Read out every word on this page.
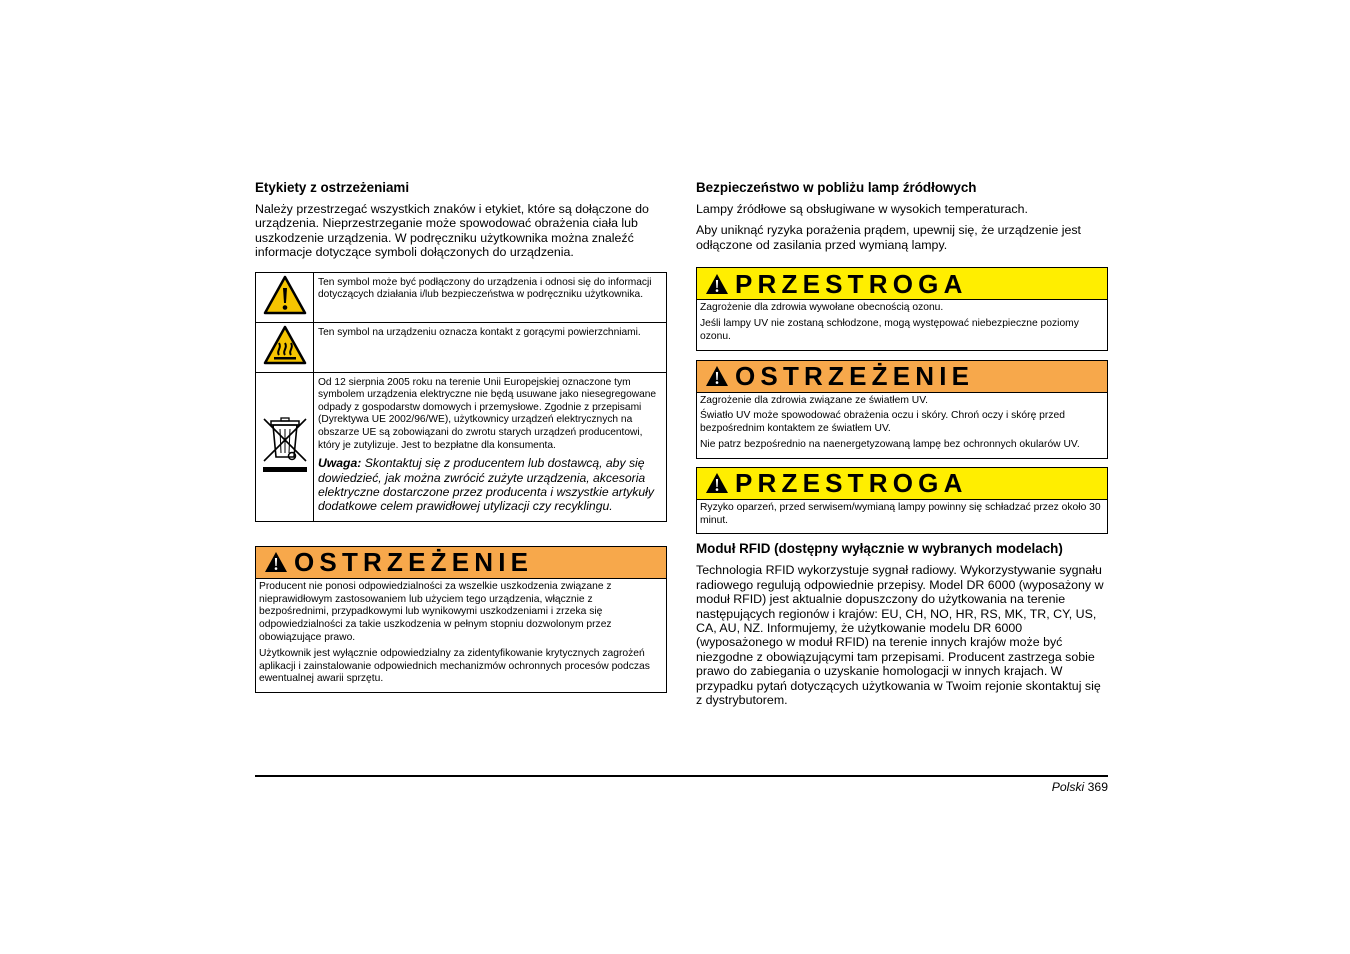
Etykiety z ostrzeżeniami

Należy przestrzegać wszystkich znaków i etykiet, które są dołączone do urządzenia. Nieprzestrzeganie może spowodować obrażenia ciała lub uszkodzenie urządzenia. W podręczniku użytkownika można znaleźć informacje dotyczące symboli dołączonych do urządzenia.

	Ten symbol może być podłączony do urządzenia i odnosi się do informacji dotyczących działania i/lub bezpieczeństwa w podręczniku użytkownika.
	Ten symbol na urządzeniu oznacza kontakt z gorącymi powierzchniami.

Od 12 sierpnia 2005 roku na terenie Unii Europejskiej oznaczone tym symbolem urządzenia elektryczne nie będą usuwane jako niesegregowane odpady z gospodarstw domowych i przemysłowe. Zgodnie z przepisami (Dyrektywa UE 2002/96/WE), użytkownicy urządzeń elektrycznych na obszarze UE są zobowiązani do zwrotu starych urządzeń producentowi, który je zutylizuje. Jest to bezpłatne dla konsumenta.

Uwaga: Skontaktuj się z producentem lub dostawcą, aby się dowiedzieć, jak można zwrócić zużyte urządzenia, akcesoria elektryczne dostarczone przez producenta i wszystkie artykuły dodatkowe celem prawidłowej utylizacji czy recyklingu.

OSTRZEŻENIE

Producent nie ponosi odpowiedzialności za wszelkie uszkodzenia związane z nieprawidłowym zastosowaniem lub użyciem tego urządzenia, włącznie z bezpośrednimi, przypadkowymi lub wynikowymi uszkodzeniami i zrzeka się odpowiedzialności za takie uszkodzenia w pełnym stopniu dozwolonym przez obowiązujące prawo.

Użytkownik jest wyłącznie odpowiedzialny za zidentyfikowanie krytycznych zagrożeń aplikacji i zainstalowanie odpowiednich mechanizmów ochronnych procesów podczas ewentualnej awarii sprzętu.

Bezpieczeństwo w pobliżu lamp źródłowych

Lampy źródłowe są obsługiwane w wysokich temperaturach.

Aby uniknąć ryzyka porażenia prądem, upewnij się, że urządzenie jest odłączone od zasilania przed wymianą lampy.

PRZESTROGA

Zagrożenie dla zdrowia wywołane obecnością ozonu.

Jeśli lampy UV nie zostaną schłodzone, mogą występować niebezpieczne poziomy ozonu.

OSTRZEŻENIE

Zagrożenie dla zdrowia związane ze światłem UV.

Światło UV może spowodować obrażenia oczu i skóry. Chroń oczy i skórę przed bezpośrednim kontaktem ze światłem UV.

Nie patrz bezpośrednio na naenergetyzowaną lampę bez ochronnych okularów UV.

PRZESTROGA

Ryzyko oparzeń, przed serwisem/wymianą lampy powinny się schładzać przez około 30 minut.

Moduł RFID (dostępny wyłącznie w wybranych modelach)

Technologia RFID wykorzystuje sygnał radiowy. Wykorzystywanie sygnału radiowego regulują odpowiednie przepisy. Model DR 6000 (wyposażony w moduł RFID) jest aktualnie dopuszczony do użytkowania na terenie następujących regionów i krajów: EU, CH, NO, HR, RS, MK, TR, CY, US, CA, AU, NZ. Informujemy, że użytkowanie modelu DR 6000 (wyposażonego w moduł RFID) na terenie innych krajów może być niezgodne z obowiązującymi tam przepisami. Producent zastrzega sobie prawo do zabiegania o uzyskanie homologacji w innych krajach. W przypadku pytań dotyczących użytkowania w Twoim rejonie skontaktuj się z dystrybutorem.

Polski 369
